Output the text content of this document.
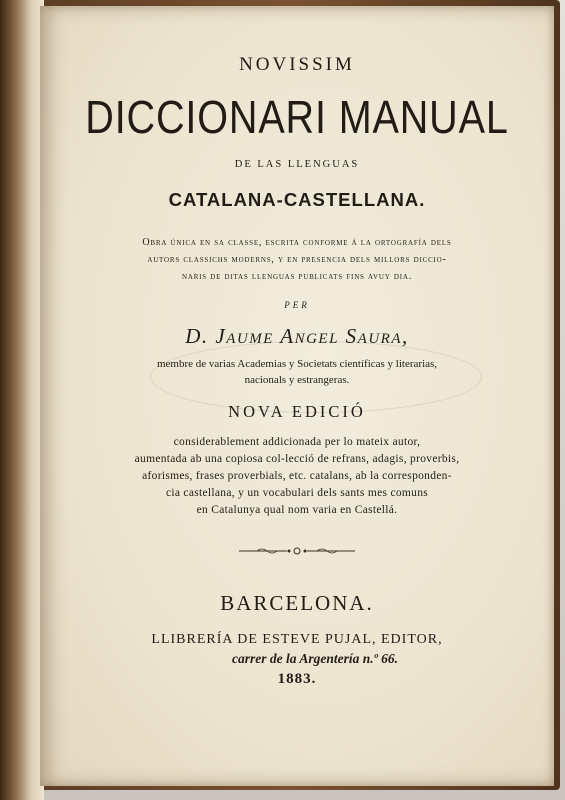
NOVISSIM
DICCIONARI MANUAL
DE LAS LLENGUAS
CATALANA-CASTELLANA.
Obra única en sa classe, escrita conforme á la ortografía dels
autors classichs moderns, y en presencia dels millors diccio-
naris de ditas llenguas publicats fins avuy dia.
PER
D. Jaume Angel Saura,
membre de varias Academias y Societats científicas y literarias,
nacionals y estrangeras.
NOVA EDICIÓ
considerablement addicionada per lo mateix autor,
aumentada ab una copiosa col-lecció de refrans, adagis, proverbis,
aforismes, frases proverbials, etc. catalans, ab la corresponden-
cia castellana, y un vocabulari dels sants mes comuns
en Catalunya qual nom varia en Castellá.
BARCELONA.
LLIBRERÍA DE ESTEVE PUJAL, EDITOR,
carrer de la Argentería n.º 66.
1883.
